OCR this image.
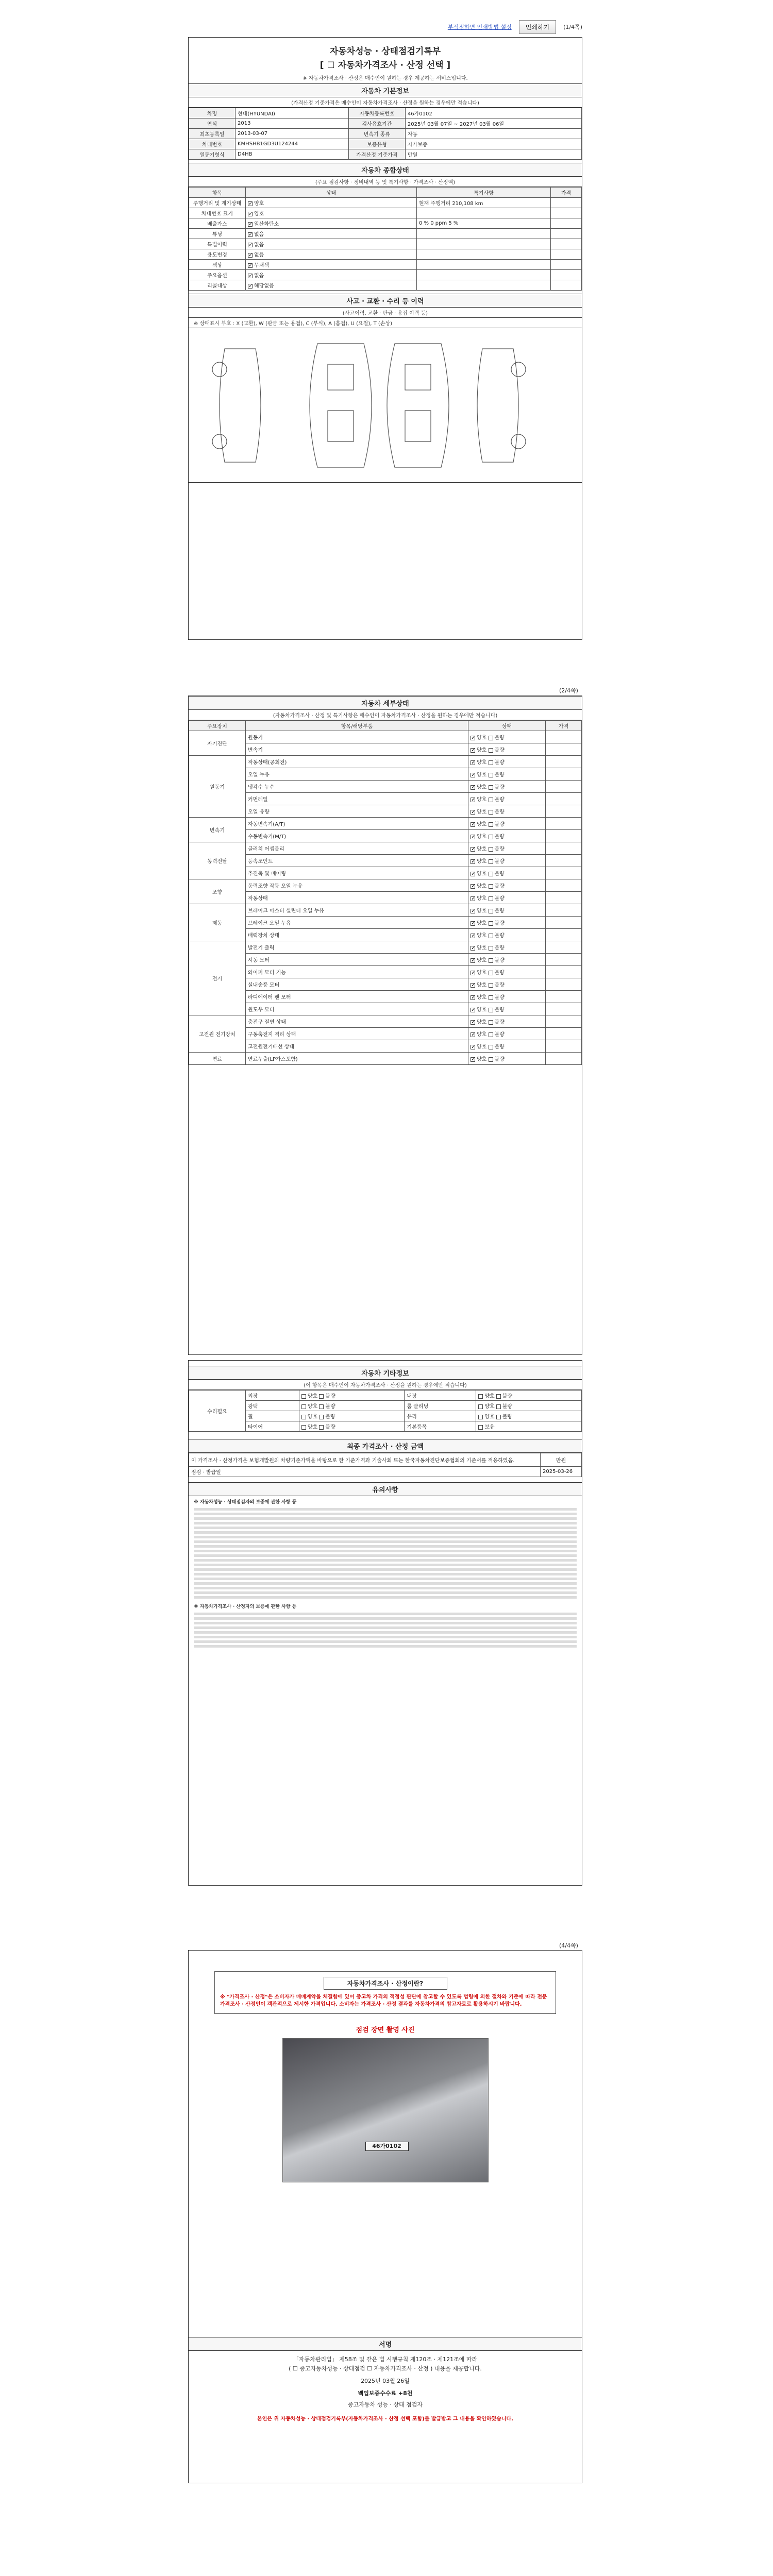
부적정하면 인쇄방법 설정	인쇄하기	(1/4쪽)
자동차성능 · 상태점검기록부
[ ☐ 자동차가격조사 · 산정 선택 ]
※ 자동차가격조사 · 산정은 매수인이 원하는 경우 제공하는 서비스입니다.
자동차 기본정보
(가격산정 기준가격은 매수인이 자동차가격조사 · 산정을 원하는 경우에만 적습니다)
차명	현대(HYUNDAI)	자동차등록번호	46가0102
연식	2013	검사유효기간	2025년 03월 07일 ~ 2027년 03월 06일
최초등록일	2013-03-07	변속기 종류	자동
차대번호	KMHSHB1GD3U124244	보증유형	자가보증
원동기형식	D4HB	가격산정 기준가격	만원
자동차 종합상태
(주요 점검사항 · 정비내역 등 및 특기사항 · 가격조사 · 산정액)
항목	상태	특기사항	가격
주행거리 및 계기상태	✓양호	현재 주행거리 210,108 km	
차대번호 표기	✓양호		
배출가스	✓일산화탄소	0 % 0 ppm 5 %	
튜닝	✓없음		
특별이력	✓없음		
용도변경	✓없음		
색상	✓무채색		
주요옵션	✓없음		
리콜대상	✓해당없음		
사고 · 교환 · 수리 등 이력
(사고이력, 교환 · 판금 · 용접 이력 등)
※ 상태표시 부호 : X (교환), W (판금 또는 용접), C (부식), A (흠집), U (요철), T (손상)
(2/4쪽)
자동차 세부상태
(자동차가격조사 · 산정 및 특기사항은 매수인이 자동차가격조사 · 산정을 원하는 경우에만 적습니다)
주요장치	항목/해당부품	상태	가격
자기진단	원동기	✓양호 불량	
	변속기	✓양호 불량	
원동기	작동상태(공회전)	✓양호 불량	
	오일 누유	✓양호 불량	
	냉각수 누수	✓양호 불량	
	커먼레일	✓양호 불량	
	오일 유량	✓양호 불량	
변속기	자동변속기(A/T)	✓양호 불량	
	수동변속기(M/T)	✓양호 불량	
동력전달	클러치 어셈블리	✓양호 불량	
	등속조인트	✓양호 불량	
	추진축 및 베어링	✓양호 불량	
조향	동력조향 작동 오일 누유	✓양호 불량	
	작동상태	✓양호 불량	
제동	브레이크 마스터 실린더 오일 누유	✓양호 불량	
	브레이크 오일 누유	✓양호 불량	
	배력장치 상태	✓양호 불량	
전기	발전기 출력	✓양호 불량	
	시동 모터	✓양호 불량	
	와이퍼 모터 기능	✓양호 불량	
	실내송풍 모터	✓양호 불량	
	라디에이터 팬 모터	✓양호 불량	
	윈도우 모터	✓양호 불량	
고전원 전기장치	충전구 절연 상태	✓양호 불량	
	구동축전지 격리 상태	✓양호 불량	
	고전원전기배선 상태	✓양호 불량	
연료	연료누출(LP가스포함)	✓양호 불량	
자동차 기타정보
(이 항목은 매수인이 자동차가격조사 · 산정을 원하는 경우에만 적습니다)
수리필요	외장	양호 불량	내장	양호 불량
	광택	양호 불량	룸 클리닝	양호 불량
	휠	양호 불량	유리	양호 불량
	타이어	양호 불량	기본품목	보유
최종 가격조사 · 산정 금액
이 가격조사 · 산정가격은 보험개발원의 차량기준가액을 바탕으로 한 기준가격과 기술사회 또는 한국자동차진단보증협회의 기준서를 적용하였음.	만원
점검 · 발급일	2025-03-26
유의사항
※ 자동차성능 · 상태점검자의 보증에 관한 사항 등
※ 자동차가격조사 · 산정자의 보증에 관한 사항 등
(4/4쪽)
자동차가격조사 · 산정이란?
※ "가격조사 · 산정"은 소비자가 매매계약을 체결함에 있어 중고차 가격의 적정성 판단에 참고할 수 있도록 법령에 의한 절차와 기준에 따라 전문 가격조사 · 산정인이 객관적으로 제시한 가격입니다. 소비자는 가격조사 · 산정 결과를 자동차가격의 참고자료로 활용하시기 바랍니다.
점검 장면 촬영 사진
46가0102
서명
「자동차관리법」 제58조 및 같은 법 시행규칙 제120조 · 제121조에 따라
( ☐ 중고자동차성능 · 상태점검 ☐ 자동차가격조사 · 산정 ) 내용을 제공합니다.
2025년 03월 26일
백업보증수수료 +8천
중고자동차 성능 · 상태 점검자
본인은 위 자동차성능 · 상태점검기록부(자동차가격조사 · 산정 선택 포함)를 발급받고 그 내용을 확인하였습니다.
